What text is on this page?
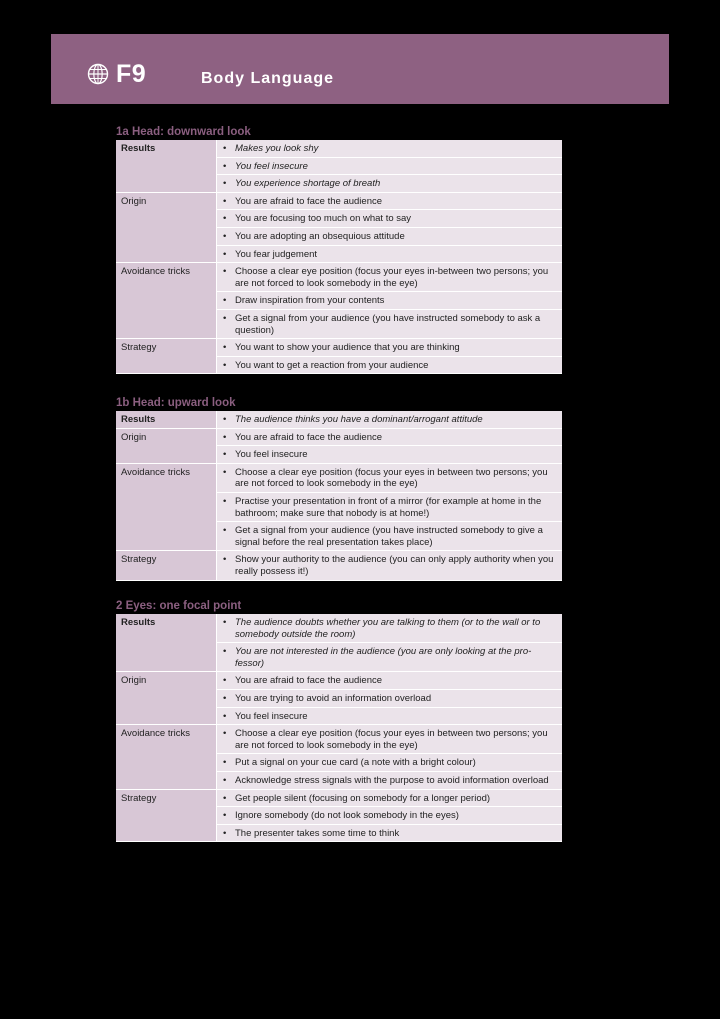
F9	Body Language
1a Head: downward look
Results	• Makes you look shy

	• You feel insecure

	• You experience shortage of breath

Origin	• You are afraid to face the audience

	• You are focusing too much on what to say

	• You are adopting an obsequious attitude

	• You fear judgement

Avoidance tricks	• Choose a clear eye position (focus your eyes in-between two persons; you are not forced to look somebody in the eye)

	• Draw inspiration from your contents

	• Get a signal from your audience (you have instructed somebody to ask a question)

Strategy	• You want to show your audience that you are thinking

	• You want to get a reaction from your audience
1b Head: upward look
Results	• The audience thinks you have a dominant/arrogant attitude

Origin	• You are afraid to face the audience

	• You feel insecure

Avoidance tricks	• Choose a clear eye position (focus your eyes in between two persons; you are not forced to look somebody in the eye)

	• Practise your presentation in front of a mirror (for example at home in the bathroom; make sure that nobody is at home!)

	• Get a signal from your audience (you have instructed somebody to give a signal before the real presentation takes place)

Strategy	• Show your authority to the audience (you can only apply authority when you really possess it!)
2 Eyes: one focal point
Results	• The audience doubts whether you are talking to them (or to the wall or to somebody outside the room)

	• You are not interested in the audience (you are only looking at the pro-fessor)

Origin	• You are afraid to face the audience

	• You are trying to avoid an information overload

	• You feel insecure

Avoidance tricks	• Choose a clear eye position (focus your eyes in between two persons; you are not forced to look somebody in the eye)

	• Put a signal on your cue card (a note with a bright colour)

	• Acknowledge stress signals with the purpose to avoid information overload

Strategy	• Get people silent (focusing on somebody for a longer period)

	• Ignore somebody (do not look somebody in the eyes)

	• The presenter takes some time to think
